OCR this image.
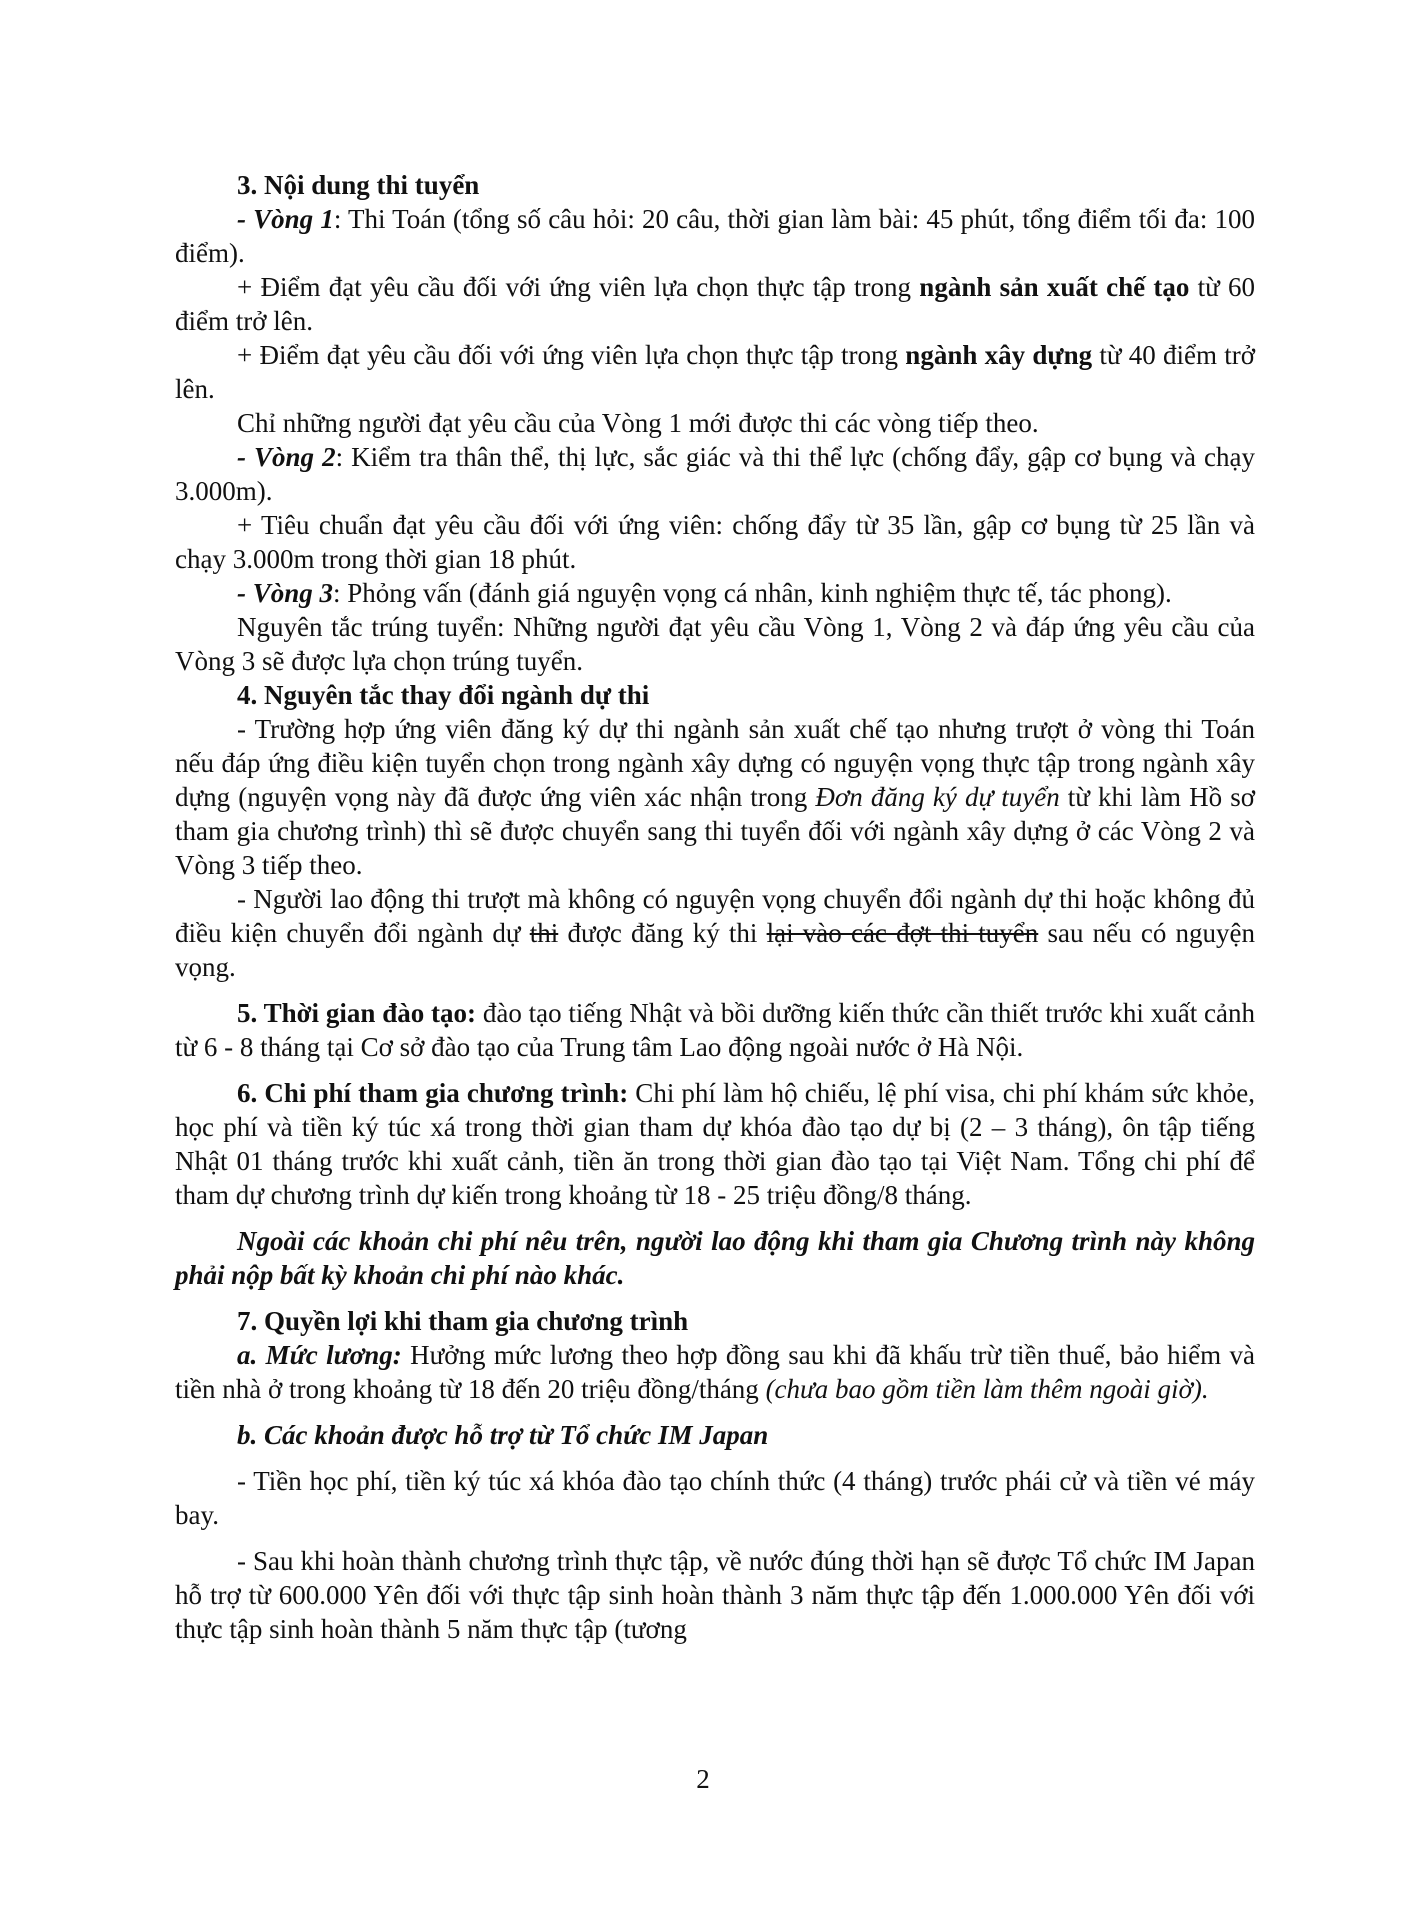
3. Nội dung thi tuyển

- Vòng 1: Thi Toán (tổng số câu hỏi: 20 câu, thời gian làm bài: 45 phút, tổng điểm tối đa: 100 điểm).

+ Điểm đạt yêu cầu đối với ứng viên lựa chọn thực tập trong ngành sản xuất chế tạo từ 60 điểm trở lên.

+ Điểm đạt yêu cầu đối với ứng viên lựa chọn thực tập trong ngành xây dựng từ 40 điểm trở lên.

Chỉ những người đạt yêu cầu của Vòng 1 mới được thi các vòng tiếp theo.

- Vòng 2: Kiểm tra thân thể, thị lực, sắc giác và thi thể lực (chống đẩy, gập cơ bụng và chạy 3.000m).

+ Tiêu chuẩn đạt yêu cầu đối với ứng viên: chống đẩy từ 35 lần, gập cơ bụng từ 25 lần và chạy 3.000m trong thời gian 18 phút.

- Vòng 3: Phỏng vấn (đánh giá nguyện vọng cá nhân, kinh nghiệm thực tế, tác phong).

Nguyên tắc trúng tuyển: Những người đạt yêu cầu Vòng 1, Vòng 2 và đáp ứng yêu cầu của Vòng 3 sẽ được lựa chọn trúng tuyển.

4. Nguyên tắc thay đổi ngành dự thi

- Trường hợp ứng viên đăng ký dự thi ngành sản xuất chế tạo nhưng trượt ở vòng thi Toán nếu đáp ứng điều kiện tuyển chọn trong ngành xây dựng có nguyện vọng thực tập trong ngành xây dựng (nguyện vọng này đã được ứng viên xác nhận trong Đơn đăng ký dự tuyển từ khi làm Hồ sơ tham gia chương trình) thì sẽ được chuyển sang thi tuyển đối với ngành xây dựng ở các Vòng 2 và Vòng 3 tiếp theo.

- Người lao động thi trượt mà không có nguyện vọng chuyển đổi ngành dự thi hoặc không đủ điều kiện chuyển đổi ngành dự thi được đăng ký thi lại vào các đợt thi tuyển sau nếu có nguyện vọng.

5. Thời gian đào tạo: đào tạo tiếng Nhật và bồi dưỡng kiến thức cần thiết trước khi xuất cảnh từ 6 - 8 tháng tại Cơ sở đào tạo của Trung tâm Lao động ngoài nước ở Hà Nội.

6. Chi phí tham gia chương trình: Chi phí làm hộ chiếu, lệ phí visa, chi phí khám sức khỏe, học phí và tiền ký túc xá trong thời gian tham dự khóa đào tạo dự bị (2 – 3 tháng), ôn tập tiếng Nhật 01 tháng trước khi xuất cảnh, tiền ăn trong thời gian đào tạo tại Việt Nam. Tổng chi phí để tham dự chương trình dự kiến trong khoảng từ 18 - 25 triệu đồng/8 tháng.

Ngoài các khoản chi phí nêu trên, người lao động khi tham gia Chương trình này không phải nộp bất kỳ khoản chi phí nào khác.

7. Quyền lợi khi tham gia chương trình

a. Mức lương: Hưởng mức lương theo hợp đồng sau khi đã khấu trừ tiền thuế, bảo hiểm và tiền nhà ở trong khoảng từ 18 đến 20 triệu đồng/tháng (chưa bao gồm tiền làm thêm ngoài giờ).

b. Các khoản được hỗ trợ từ Tổ chức IM Japan

- Tiền học phí, tiền ký túc xá khóa đào tạo chính thức (4 tháng) trước phái cử và tiền vé máy bay.

- Sau khi hoàn thành chương trình thực tập, về nước đúng thời hạn sẽ được Tổ chức IM Japan hỗ trợ từ 600.000 Yên đối với thực tập sinh hoàn thành 3 năm thực tập đến 1.000.000 Yên đối với thực tập sinh hoàn thành 5 năm thực tập (tương

2
